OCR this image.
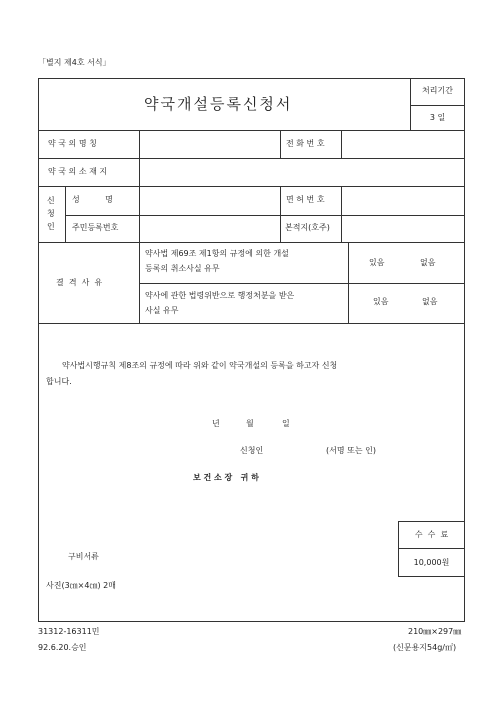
「별지 제4호 서식」
약국개설등록신청서
처리기간
3 일
약 국 의 명 칭	전 화 번 호
약 국 의 소 재 지
신
청
인
성          명	면 허 번 호
주민등록번호	본적지(호주)
결  격  사  유
약사법 제69조 제1항의 규정에 의한 개설
등록의 취소사실 유무
있음	없음
약사에 관한 법령위반으로 행정처분을 받은
사실 유무
있음	없음
약사법시행규칙 제8조의 규정에 따라 위와 같이 약국개설의 등록을 하고자 신청
합니다.
년	월	일
신청인	(서명 또는 인)
보 건 소 장   귀 하
수  수  료
10,000원
구비서류
사진(3㎝×4㎝) 2매
31312-16311민
92.6.20.승인
210㎜×297㎜
(신문용지54g/㎡)
